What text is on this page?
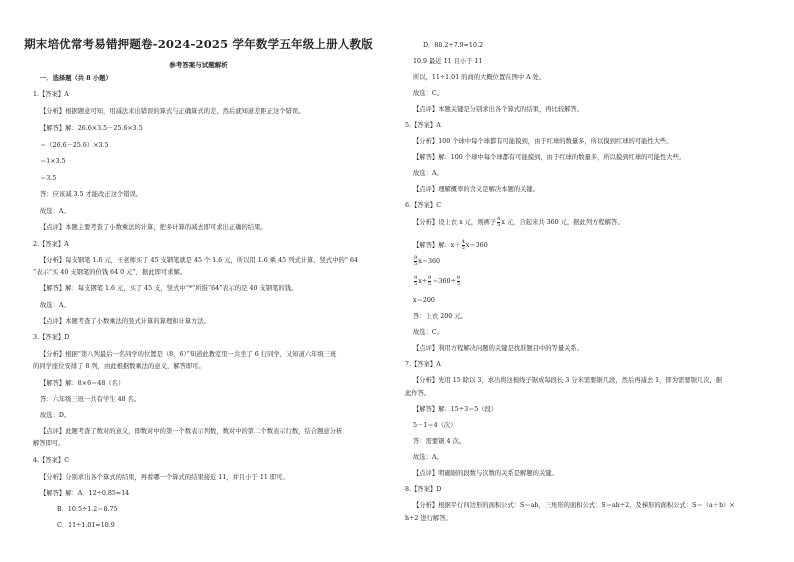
期末培优常考易错押题卷-2024-2025 学年数学五年级上册人教版
参考答案与试题解析
一．选择题（共 8 小题）
1.【答案】A
【分析】根据题意可知，用减法来出错误的算式与正确算式的差，然后就知道差距正这个错误。
【解答】解：26.6×3.5－25.6×3.5
＝（26.6－25.6）×3.5
＝1×3.5
＝3.5
答：应该减 3.5 才能改正这个错误。
故选：A。
【点评】本题主要考查了小数乘法的计算，把多计算的减去即可求出正确的结果。
2.【答案】A
【分析】每支钢笔 1.6 元，王老师买了 45 支钢笔就是 45 个 1.6 元，所以用 1.6 乘 45 列式计算，竖式中的“ 64
”表示“买 40 支钢笔的价钱 64 0 元”，据此即可求解。
【解答】解：每支钢笔 1.6 元，买了 45 支，竖式中“*”所指“64”表示的是 40 支钢笔的钱。
故选：A。
【点评】本题考查了小数乘法的竖式计算的算理和计算方法。
3.【答案】D
【分析】根据“第八列最后一名同学的位置是（8，6）”知道此教室里一共坐了 6 行同学，又知道六年级三班
的同学座位安排了 8 列，由此根据数乘法的意义，解答即可。
【解答】解：8×6＝48（名）
答：六年级三班一共有学生 48 名。
故选：D。
【点评】此题考查了数对的意义，即数对中的第一个数表示列数，数对中的第二个数表示行数，结合题意分析
解答即可。
4.【答案】C
【分析】分别求出各个算式的结果，再看哪一个算式的结果接近 11，并且小于 11 即可。
【解答】解：A．12÷0.85≈14
B．10.5÷1.2＝8.75
C．11÷1.01≈10.9
D．80.2÷7.9≈10.2
10.9 最近 11 且小于 11
所以，11÷1.01 的商的大概位置在图中 A 处。
故选：C。
【点评】本题关键是分别求出各个算式的结果，再比较解答。
5.【答案】A
【分析】100 个球中每个球都有可能摸到，由于红球的数量多，所以摸到红球的可能性大些。
【解答】解：100 个球中每个球都有可能摸到，由于红球的数量多，所以摸到红球的可能性大些。
故选：A。
【点评】理解概率的含义是解决本题的关键。
6.【答案】C
【分析】设上衣 x 元，则裤子 $\frac{4}{5}$ x 元，合起来共 360 元，据此列方程解答。
【解答】解：$x+ \frac{4}{5} x=360$
$\frac{9}{5} x=360$
$\frac{9}{5} x\div \frac{9}{5} =360\div \frac{9}{5}$
x＝200
答：上衣 200 元。
故选：C。
【点评】利用方程解决问题的关键是找准题目中的等量关系。
7.【答案】A
【分析】先用 15 除以 3，求出将这根线子锯成每段长 3 分米需要锯几段，然后再减去 1，即为需要锯几次，据
此作答。
【解答】解：15÷3＝5（段）
5－1＝4（次）
答：需要锯 4 次。
故选：A。
【点评】明确锯的段数与次数的关系是解题的关键。
8.【答案】D
【分析】根据平行四边形的面积公式：S＝ah，三角形的面积公式：S＝ah÷2，及梯形的面积公式：S＝（a＋b）×
h÷2 进行解答。
